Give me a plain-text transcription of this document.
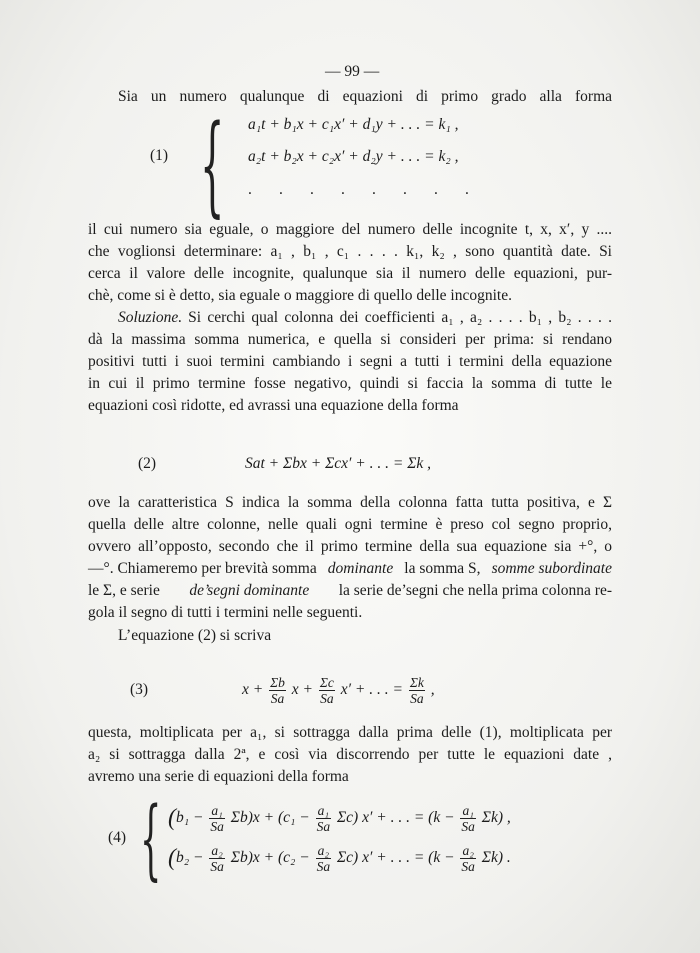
— 99 —
Sia un numero qualunque di equazioni di primo grado alla forma
(1) { a₁t + b₁x + c₁x′ + d₁y + . . . = k₁ ,
a₂t + b₂x + c₂x′ + d₂y + . . . = k₂ ,
.       .       .       .       .       .       .       .
il cui numero sia eguale, o maggiore del numero delle incognite t, x, x′, y ....
che voglionsi determinare: a₁ , b₁ , c₁ . . . . k₁, k₂ , sono quantità date. Si
cerca il valore delle incognite, qualunque sia il numero delle equazioni, pur-
chè, come si è detto, sia eguale o maggiore di quello delle incognite.
Soluzione. Si cerchi qual colonna dei coefficienti a₁ , a₂ . . . . b₁ , b₂ . . . .
dà la massima somma numerica, e quella si consideri per prima: si rendano
positivi tutti i suoi termini cambiando i segni a tutti i termini della equazione
in cui il primo termine fosse negativo, quindi si faccia la somma di tutte le
equazioni così ridotte, ed avrassi una equazione della forma
(2)	Sat + Σbx + Σcx′ + . . . = Σk ,
ove la caratteristica S indica la somma della colonna fatta tutta positiva, e Σ
quella delle altre colonne, nelle quali ogni termine è preso col segno proprio,
ovvero all’opposto, secondo che il primo termine della sua equazione sia +°, o
—°. Chiameremo per brevità somma dominante la somma S, somme subordinate
le Σ, e serie de’segni dominante la serie de’segni che nella prima colonna re-
gola il segno di tutti i termini nelle seguenti.
L’equazione (2) si scriva
(3)	$x + \frac{\Sigma b}{Sa}$ $x + \frac{\Sigma c}{Sa} x'$ + . . . = $\frac{\Sigma k}{Sa}$ ,
questa, moltiplicata per a₁, si sottragga dalla prima delle (1), moltiplicata per
a₂ si sottragga dalla 2ª, e così via discorrendo per tutte le equazioni date ,
avremo una serie di equazioni della forma
(4) { $(b_1 - \frac{\text{a₁}}{Sa} \Sigma b)x + (c_1 - \frac{\text{a₁}}{Sa} \Sigma c)$ x′ + . . . = $(k - \frac{\text{a₁}}{Sa} \Sigma k)$ ,
$(b_2 - \frac{\text{a₂}}{Sa} \Sigma b)x + (c_2 - \frac{\text{a₂}}{Sa} \Sigma c)$ x′ + . . . = $(k - \frac{\text{a₂}}{Sa} \Sigma k)$ .
